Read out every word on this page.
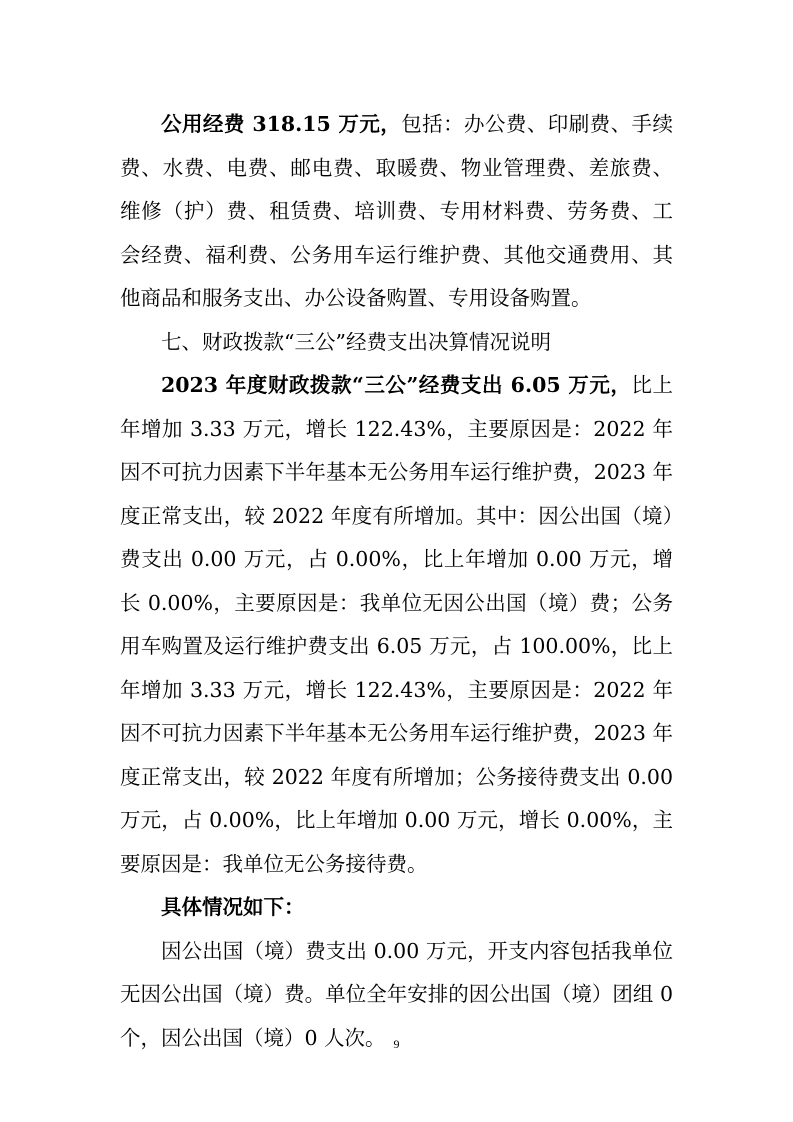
公用经费 318.15 万元，包括：办公费、印刷费、手续费、水费、电费、邮电费、取暖费、物业管理费、差旅费、维修（护）费、租赁费、培训费、专用材料费、劳务费、工会经费、福利费、公务用车运行维护费、其他交通费用、其他商品和服务支出、办公设备购置、专用设备购置。

七、财政拨款“三公”经费支出决算情况说明

2023 年度财政拨款“三公”经费支出 6.05 万元，比上年增加 3.33 万元，增长 122.43%，主要原因是：2022 年因不可抗力因素下半年基本无公务用车运行维护费，2023 年度正常支出，较 2022 年度有所增加。其中：因公出国（境）费支出 0.00 万元，占 0.00%，比上年增加 0.00 万元，增长 0.00%，主要原因是：我单位无因公出国（境）费；公务用车购置及运行维护费支出 6.05 万元，占 100.00%，比上年增加 3.33 万元，增长 122.43%，主要原因是：2022 年因不可抗力因素下半年基本无公务用车运行维护费，2023 年度正常支出，较 2022 年度有所增加；公务接待费支出 0.00 万元，占 0.00%，比上年增加 0.00 万元，增长 0.00%，主要原因是：我单位无公务接待费。

具体情况如下：

因公出国（境）费支出 0.00 万元，开支内容包括我单位无因公出国（境）费。单位全年安排的因公出国（境）团组 0 个，因公出国（境）0 人次。 9
